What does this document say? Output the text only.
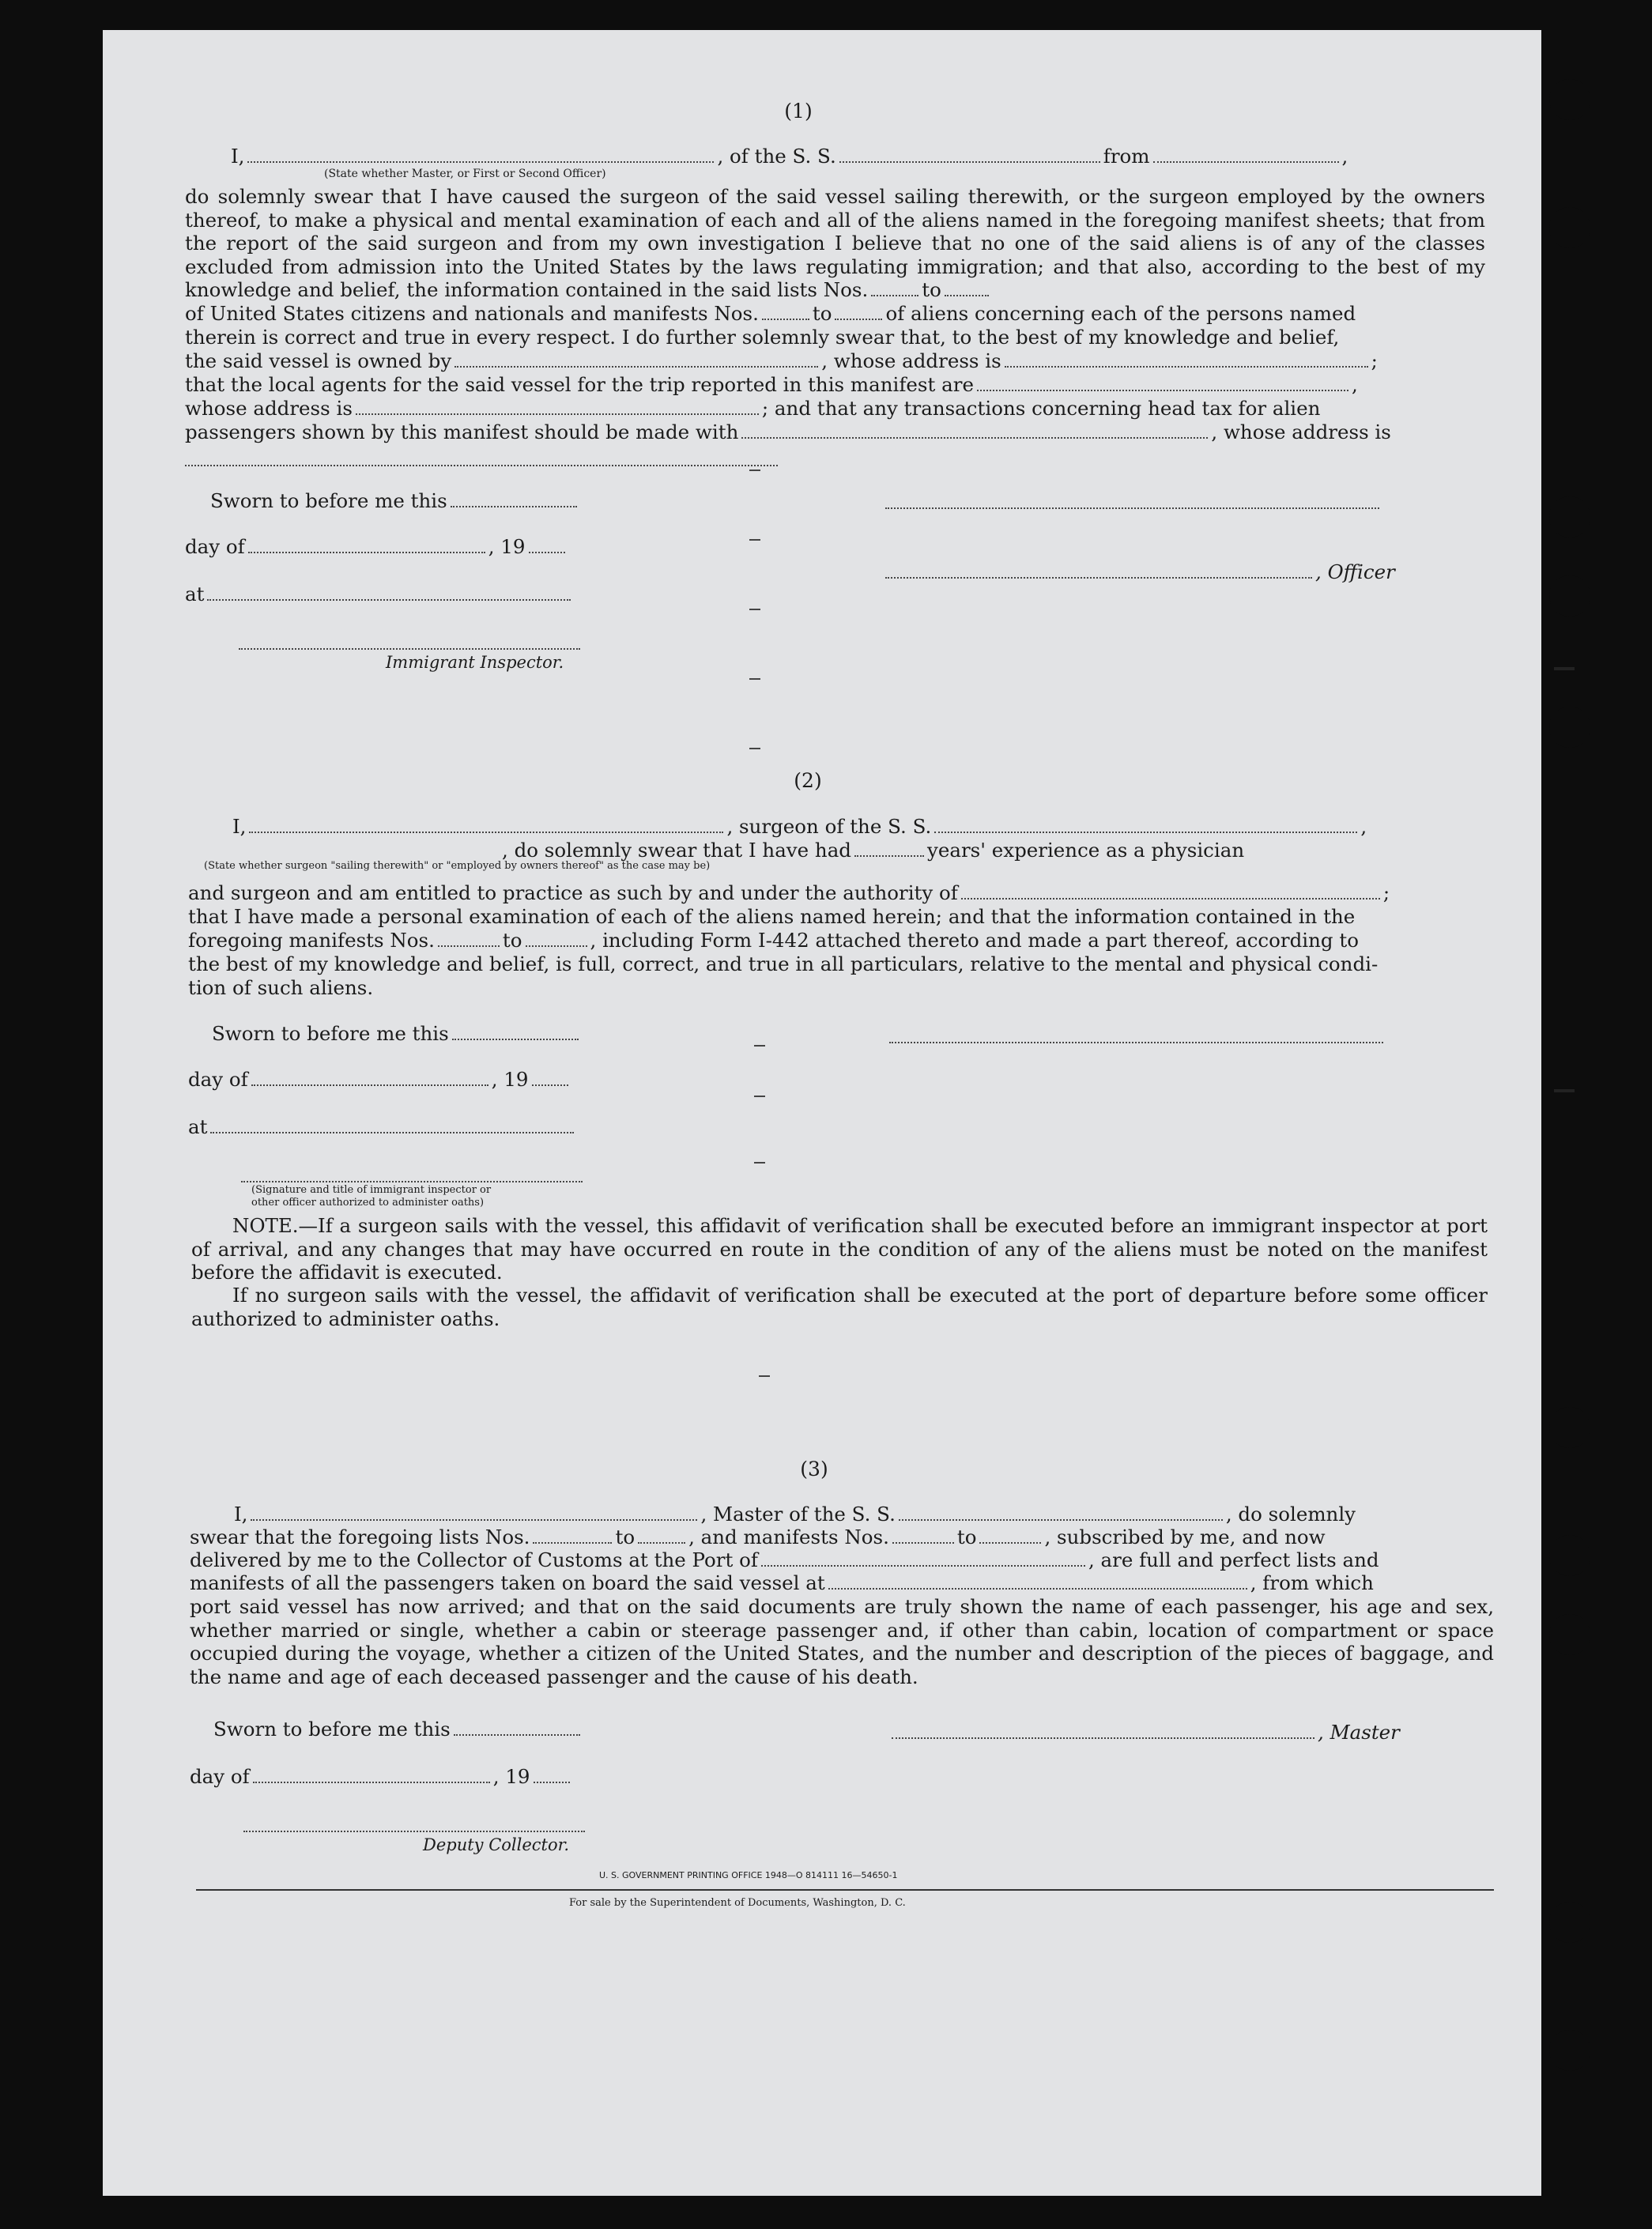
(1)
I,	, of the S. S.	from	,
(State whether Master, or First or Second Officer)
do solemnly swear that I have caused the surgeon of the said vessel sailing therewith, or the surgeon employed by the owners thereof, to make a physical and mental examination of each and all of the aliens named in the foregoing manifest sheets; that from the report of the said surgeon and from my own investigation I believe that no one of the said aliens is of any of the classes excluded from admission into the United States by the laws regulating immigration; and that also, according to the best of my knowledge and belief, the information contained in the said lists Nos.	to
of United States citizens and nationals and manifests Nos.	to	of aliens concerning each of the persons named
therein is correct and true in every respect. I do further solemnly swear that, to the best of my knowledge and belief,
the said vessel is owned by	, whose address is	;
that the local agents for the said vessel for the trip reported in this manifest are	,
whose address is	; and that any transactions concerning head tax for alien
passengers shown by this manifest should be made with	, whose address is
Sworn to before me this
day of	, 19
, Officer
at
Immigrant Inspector.
(2)
I,	, surgeon of the S. S.	,
, do solemnly swear that I have had	years' experience as a physician
(State whether surgeon "sailing therewith" or "employed by owners thereof" as the case may be)
and surgeon and am entitled to practice as such by and under the authority of	;
that I have made a personal examination of each of the aliens named herein; and that the information contained in the
foregoing manifests Nos.	to	, including Form I-442 attached thereto and made a part thereof, according to
the best of my knowledge and belief, is full, correct, and true in all particulars, relative to the mental and physical condi-
tion of such aliens.
Sworn to before me this
day of	, 19
at
(Signature and title of immigrant inspector or
other officer authorized to administer oaths)
NOTE.—If a surgeon sails with the vessel, this affidavit of verification shall be executed before an immigrant inspector at port of arrival, and any changes that may have occurred en route in the condition of any of the aliens must be noted on the manifest before the affidavit is executed.
If no surgeon sails with the vessel, the affidavit of verification shall be executed at the port of departure before some officer authorized to administer oaths.
(3)
I,	, Master of the S. S.	, do solemnly
swear that the foregoing lists Nos.	to	, and manifests Nos.	to	, subscribed by me, and now
delivered by me to the Collector of Customs at the Port of	, are full and perfect lists and
manifests of all the passengers taken on board the said vessel at	, from which
port said vessel has now arrived; and that on the said documents are truly shown the name of each passenger, his age and sex, whether married or single, whether a cabin or steerage passenger and, if other than cabin, location of compartment or space occupied during the voyage, whether a citizen of the United States, and the number and description of the pieces of baggage, and the name and age of each deceased passenger and the cause of his death.
Sworn to before me this	, Master
day of	, 19
Deputy Collector.
U. S. GOVERNMENT PRINTING OFFICE 1948—O 814111 16—54650-1
For sale by the Superintendent of Documents, Washington, D. C.
